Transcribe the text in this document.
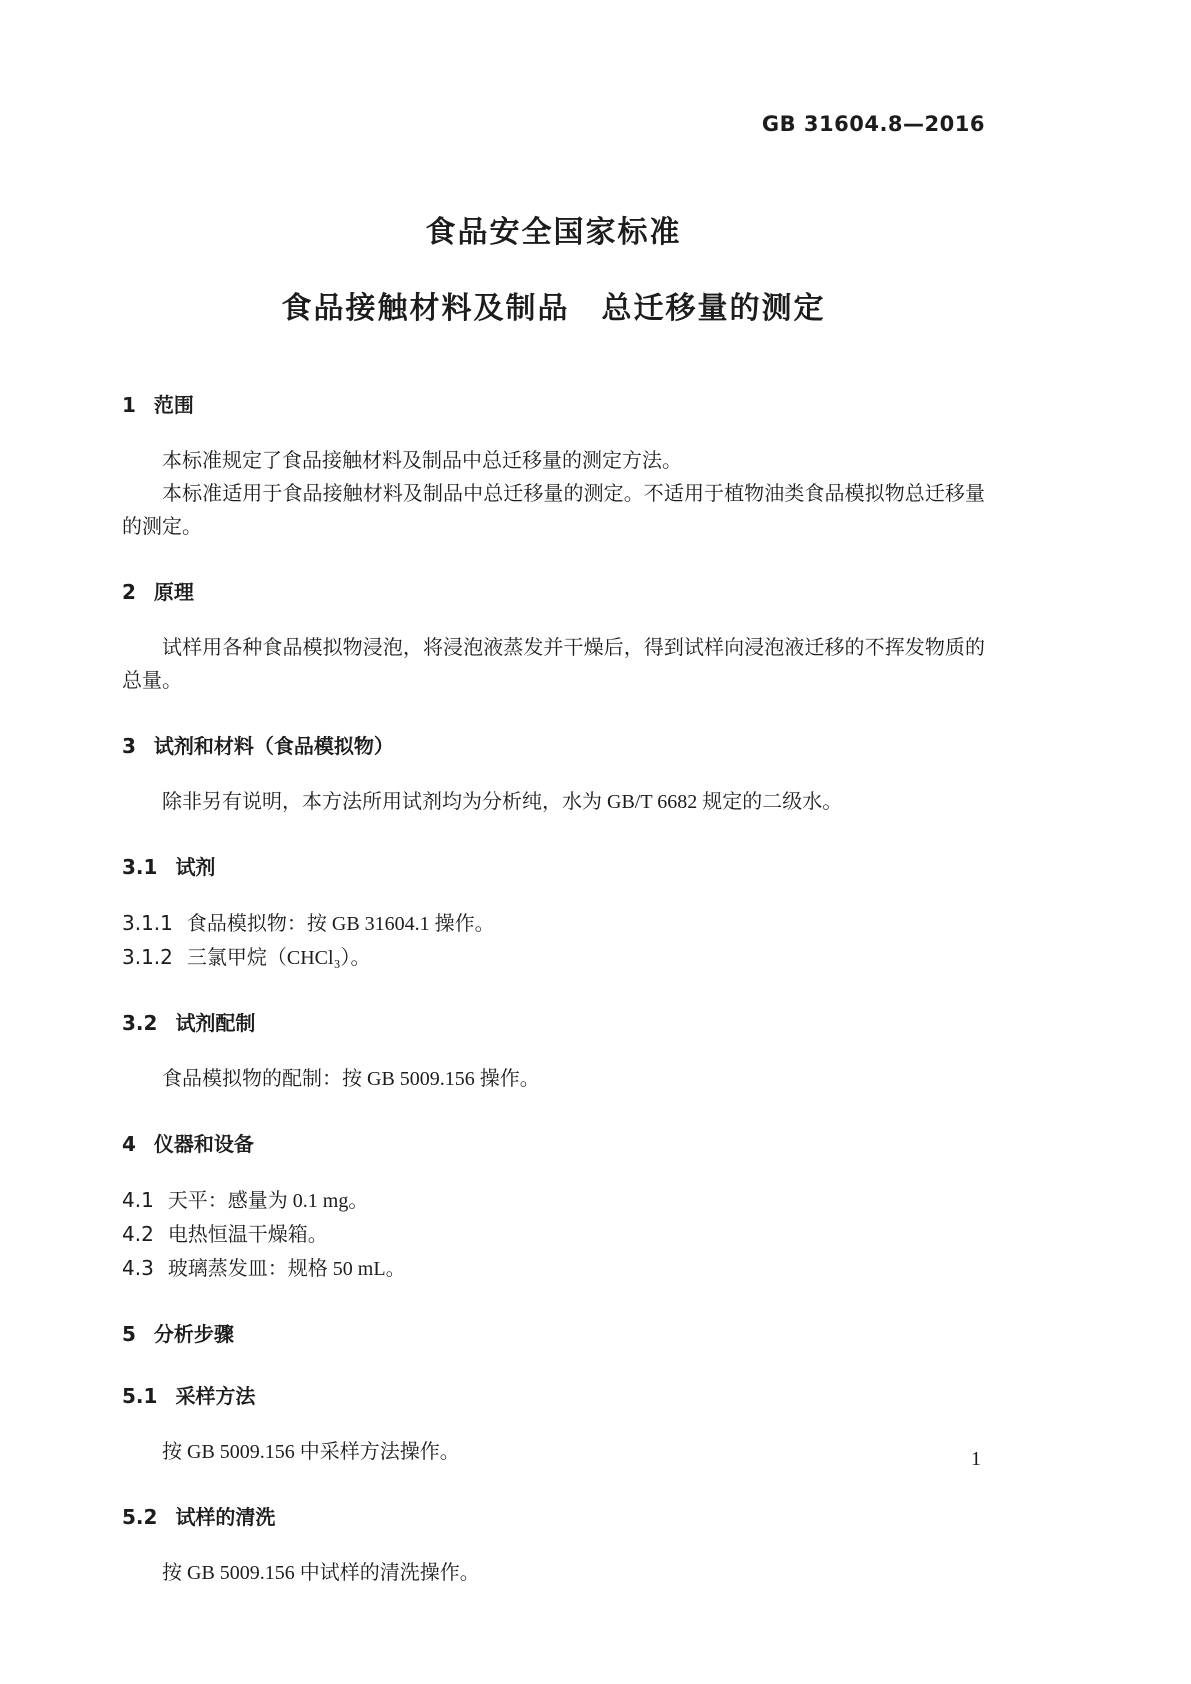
GB 31604.8—2016
食品安全国家标准
食品接触材料及制品　总迁移量的测定
1 范围

本标准规定了食品接触材料及制品中总迁移量的测定方法。

本标准适用于食品接触材料及制品中总迁移量的测定。不适用于植物油类食品模拟物总迁移量的测定。

2 原理

试样用各种食品模拟物浸泡，将浸泡液蒸发并干燥后，得到试样向浸泡液迁移的不挥发物质的总量。

3 试剂和材料（食品模拟物）

除非另有说明，本方法所用试剂均为分析纯，水为 GB/T 6682 规定的二级水。

3.1 试剂
3.1.1 食品模拟物：按 GB 31604.1 操作。
3.1.2 三氯甲烷（CHCl₃）。
3.2 试剂配制

食品模拟物的配制：按 GB 5009.156 操作。

4 仪器和设备
4.1 天平：感量为 0.1 mg。
4.2 电热恒温干燥箱。
4.3 玻璃蒸发皿：规格 50 mL。
5 分析步骤
5.1 采样方法

按 GB 5009.156 中采样方法操作。

5.2 试样的清洗

按 GB 5009.156 中试样的清洗操作。

1
